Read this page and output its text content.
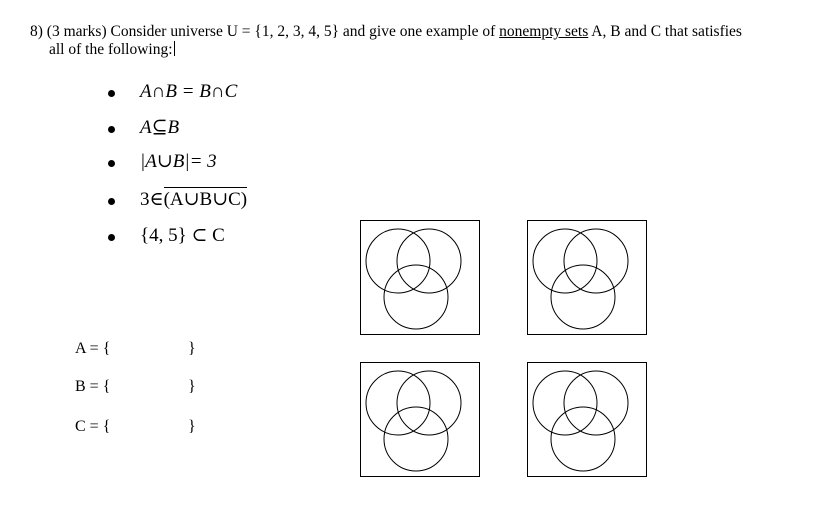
8) (3 marks) Consider universe U = {1, 2, 3, 4, 5} and give one example of nonempty sets A, B and C that satisfies
all of the following:
A∩B = B∩C
A⊆B
|A∪B|= 3
3∈(A∪B∪C)
{4, 5} ⊂ C
A = {	}
B = {	}
C = {	}
